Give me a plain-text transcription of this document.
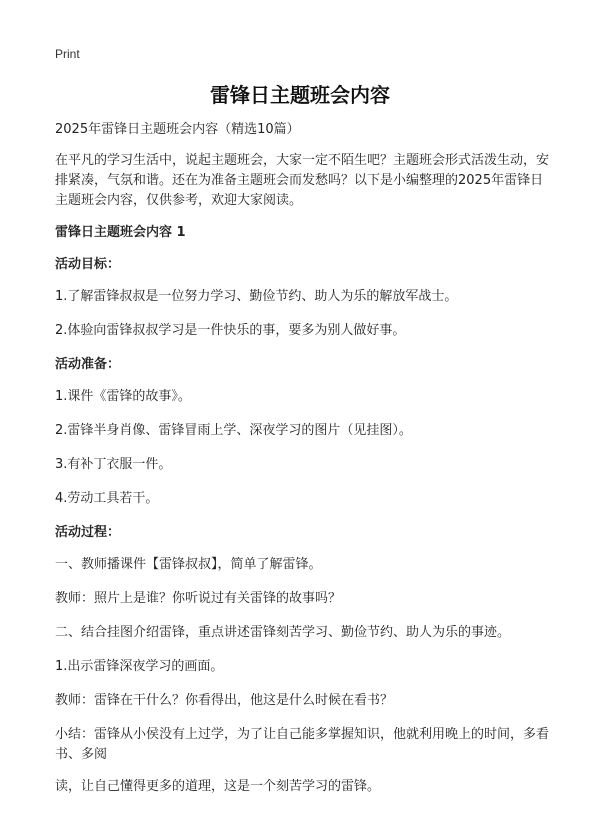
Print
雷锋日主题班会内容

2025年雷锋日主题班会内容（精选10篇）

在平凡的学习生活中，说起主题班会，大家一定不陌生吧？主题班会形式活泼生动，安排紧凑，气氛和谐。还在为准备主题班会而发愁吗？以下是小编整理的2025年雷锋日主题班会内容，仅供参考，欢迎大家阅读。

雷锋日主题班会内容 1

活动目标：

1.了解雷锋叔叔是一位努力学习、勤俭节约、助人为乐的解放军战士。

2.体验向雷锋叔叔学习是一件快乐的事，要多为别人做好事。

活动准备：

1.课件《雷锋的故事》。

2.雷锋半身肖像、雷锋冒雨上学、深夜学习的图片（见挂图）。

3.有补丁衣服一件。

4.劳动工具若干。

活动过程：

一、教师播课件【雷锋叔叔】，简单了解雷锋。

教师：照片上是谁？你听说过有关雷锋的故事吗？

二、结合挂图介绍雷锋，重点讲述雷锋刻苦学习、勤俭节约、助人为乐的事迹。

1.出示雷锋深夜学习的画面。

教师：雷锋在干什么？你看得出，他这是什么时候在看书？

小结：雷锋从小侯没有上过学，为了让自己能多掌握知识，他就利用晚上的时间，多看书、多阅

读，让自己懂得更多的道理，这是一个刻苦学习的雷锋。
